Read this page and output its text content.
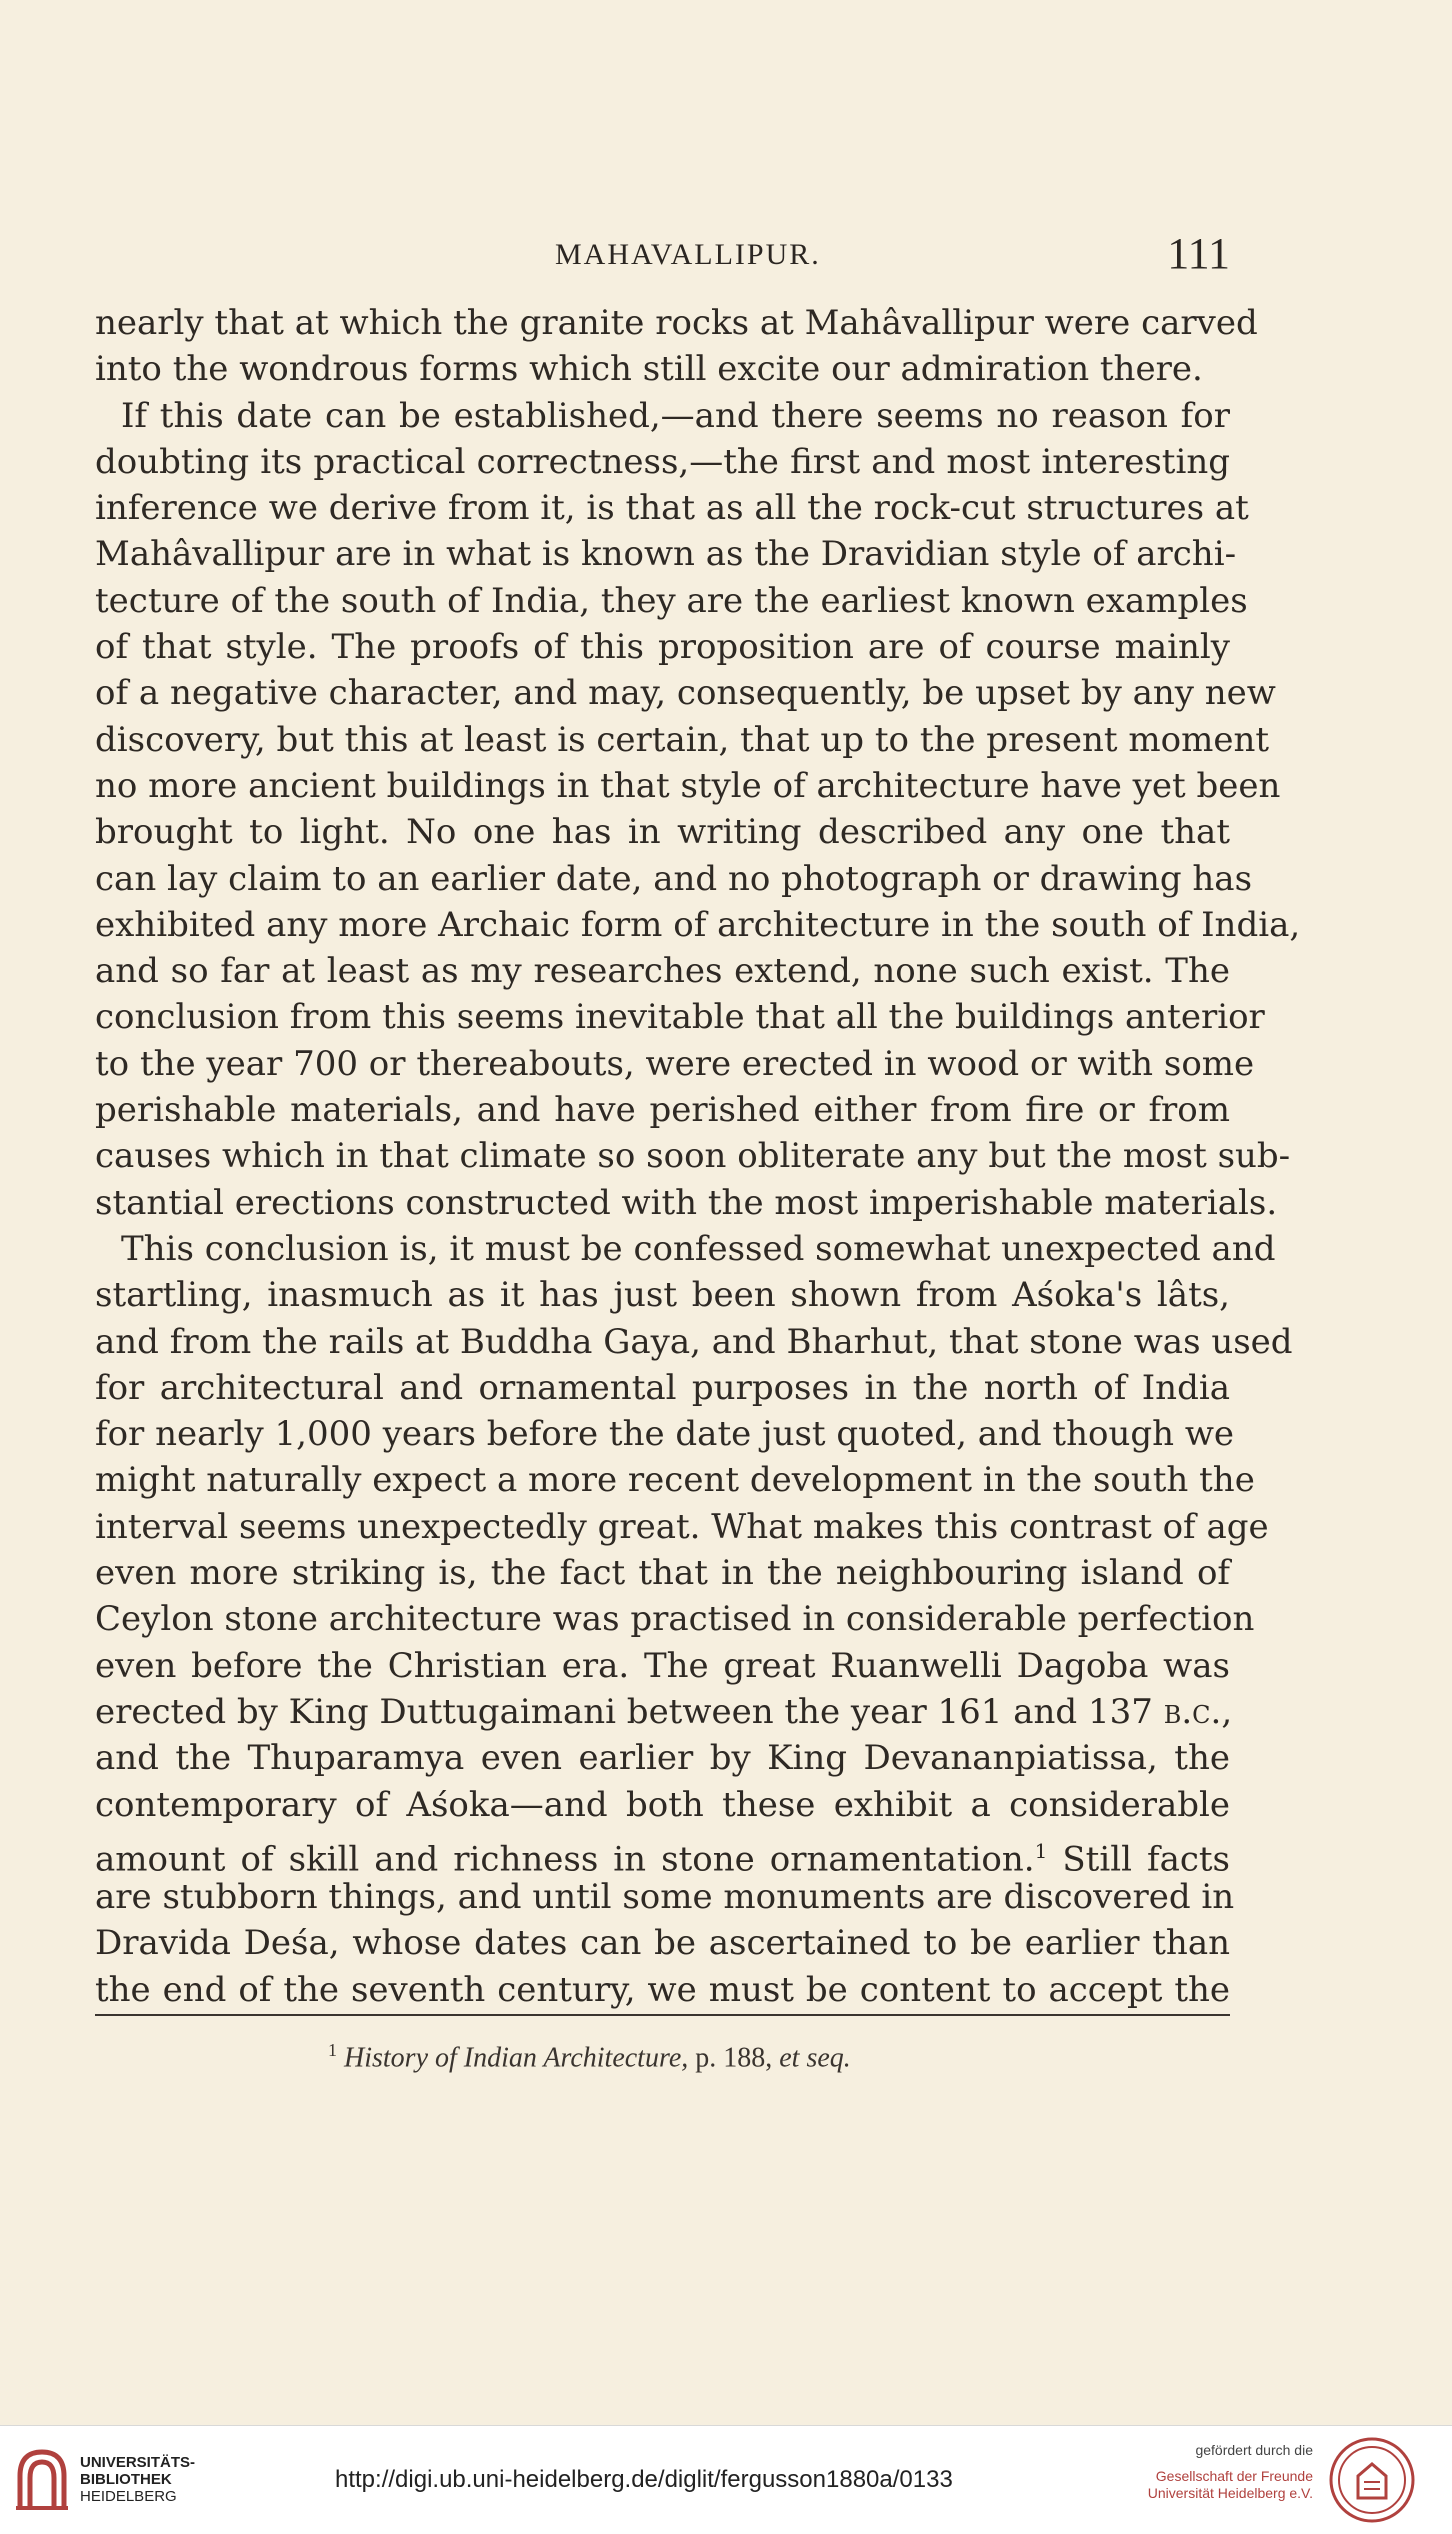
MAHAVALLIPUR.	111
nearly that at which the granite rocks at Mahâvallipur were carved
into the wondrous forms which still excite our admiration there.
If this date can be established,—and there seems no reason for
doubting its practical correctness,—the first and most interesting
inference we derive from it, is that as all the rock-cut structures at
Mahâvallipur are in what is known as the Dravidian style of archi-
tecture of the south of India, they are the earliest known examples
of that style. The proofs of this proposition are of course mainly
of a negative character, and may, consequently, be upset by any new
discovery, but this at least is certain, that up to the present moment
no more ancient buildings in that style of architecture have yet been
brought to light. No one has in writing described any one that
can lay claim to an earlier date, and no photograph or drawing has
exhibited any more Archaic form of architecture in the south of India,
and so far at least as my researches extend, none such exist. The
conclusion from this seems inevitable that all the buildings anterior
to the year 700 or thereabouts, were erected in wood or with some
perishable materials, and have perished either from fire or from
causes which in that climate so soon obliterate any but the most sub-
stantial erections constructed with the most imperishable materials.
This conclusion is, it must be confessed somewhat unexpected and
startling, inasmuch as it has just been shown from Aśoka's lâts,
and from the rails at Buddha Gaya, and Bharhut, that stone was used
for architectural and ornamental purposes in the north of India
for nearly 1,000 years before the date just quoted, and though we
might naturally expect a more recent development in the south the
interval seems unexpectedly great. What makes this contrast of age
even more striking is, the fact that in the neighbouring island of
Ceylon stone architecture was practised in considerable perfection
even before the Christian era. The great Ruanwelli Dagoba was
erected by King Duttugaimani between the year 161 and 137 b.c.,
and the Thuparamya even earlier by King Devananpiatissa, the
contemporary of Aśoka—and both these exhibit a considerable
amount of skill and richness in stone ornamentation.$^1$ Still facts
are stubborn things, and until some monuments are discovered in
Dravida Deśa, whose dates can be ascertained to be earlier than
the end of the seventh century, we must be content to accept the
$^1$ History of Indian Architecture, p. 188, et seq.
UNIVERSITÄTS-
BIBLIOTHEK
HEIDELBERG
http://digi.ub.uni-heidelberg.de/diglit/fergusson1880a/0133
gefördert durch die
Gesellschaft der Freunde
Universität Heidelberg e.V.
